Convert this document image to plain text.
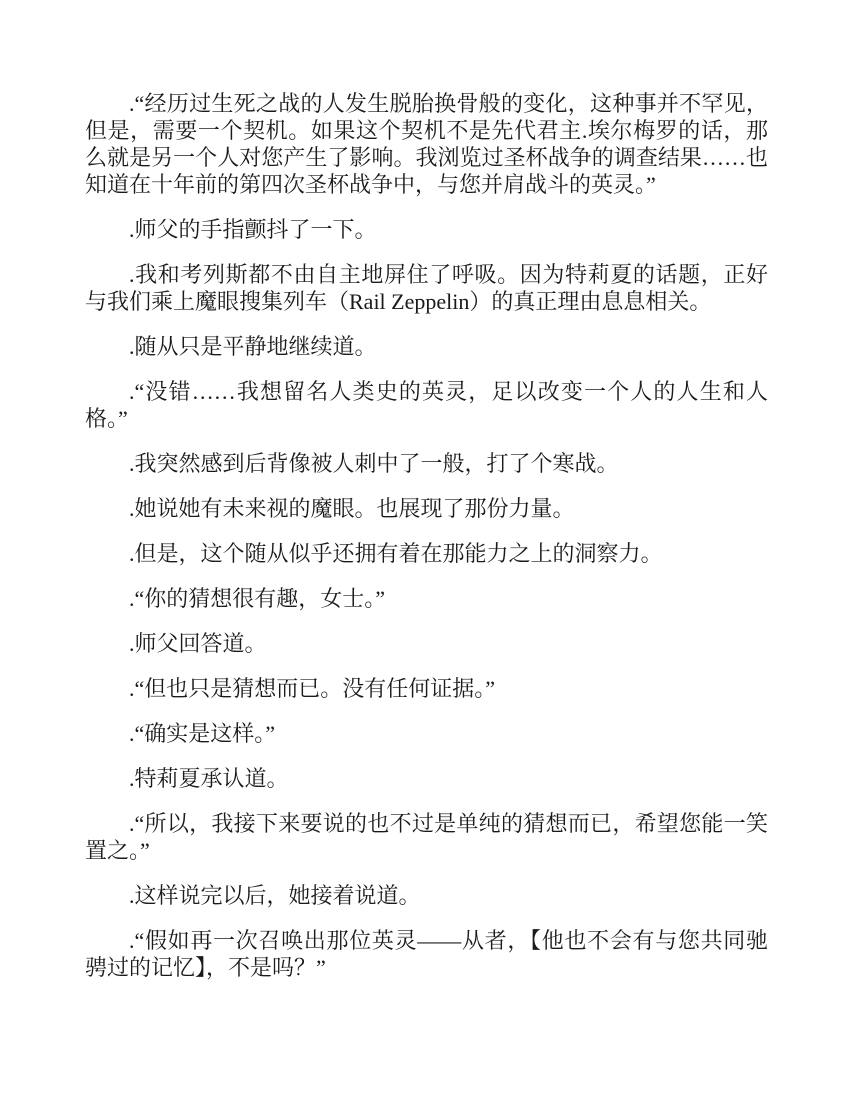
.“经历过生死之战的人发生脱胎换骨般的变化，这种事并不罕见，但是，需要一个契机。如果这个契机不是先代君主.埃尔梅罗的话，那么就是另一个人对您产生了影响。我浏览过圣杯战争的调查结果……也知道在十年前的第四次圣杯战争中，与您并肩战斗的英灵。”

.师父的手指颤抖了一下。

.我和考列斯都不由自主地屏住了呼吸。因为特莉夏的话题，正好与我们乘上魔眼搜集列车（Rail Zeppelin）的真正理由息息相关。

.随从只是平静地继续道。

.“没错……我想留名人类史的英灵，足以改变一个人的人生和人格。”

.我突然感到后背像被人刺中了一般，打了个寒战。

.她说她有未来视的魔眼。也展现了那份力量。

.但是，这个随从似乎还拥有着在那能力之上的洞察力。

.“你的猜想很有趣，女士。”

.师父回答道。

.“但也只是猜想而已。没有任何证据。”

.“确实是这样。”

.特莉夏承认道。

.“所以，我接下来要说的也不过是单纯的猜想而已，希望您能一笑置之。”

.这样说完以后，她接着说道。

.“假如再一次召唤出那位英灵——从者，【他也不会有与您共同驰骋过的记忆】，不是吗？”
